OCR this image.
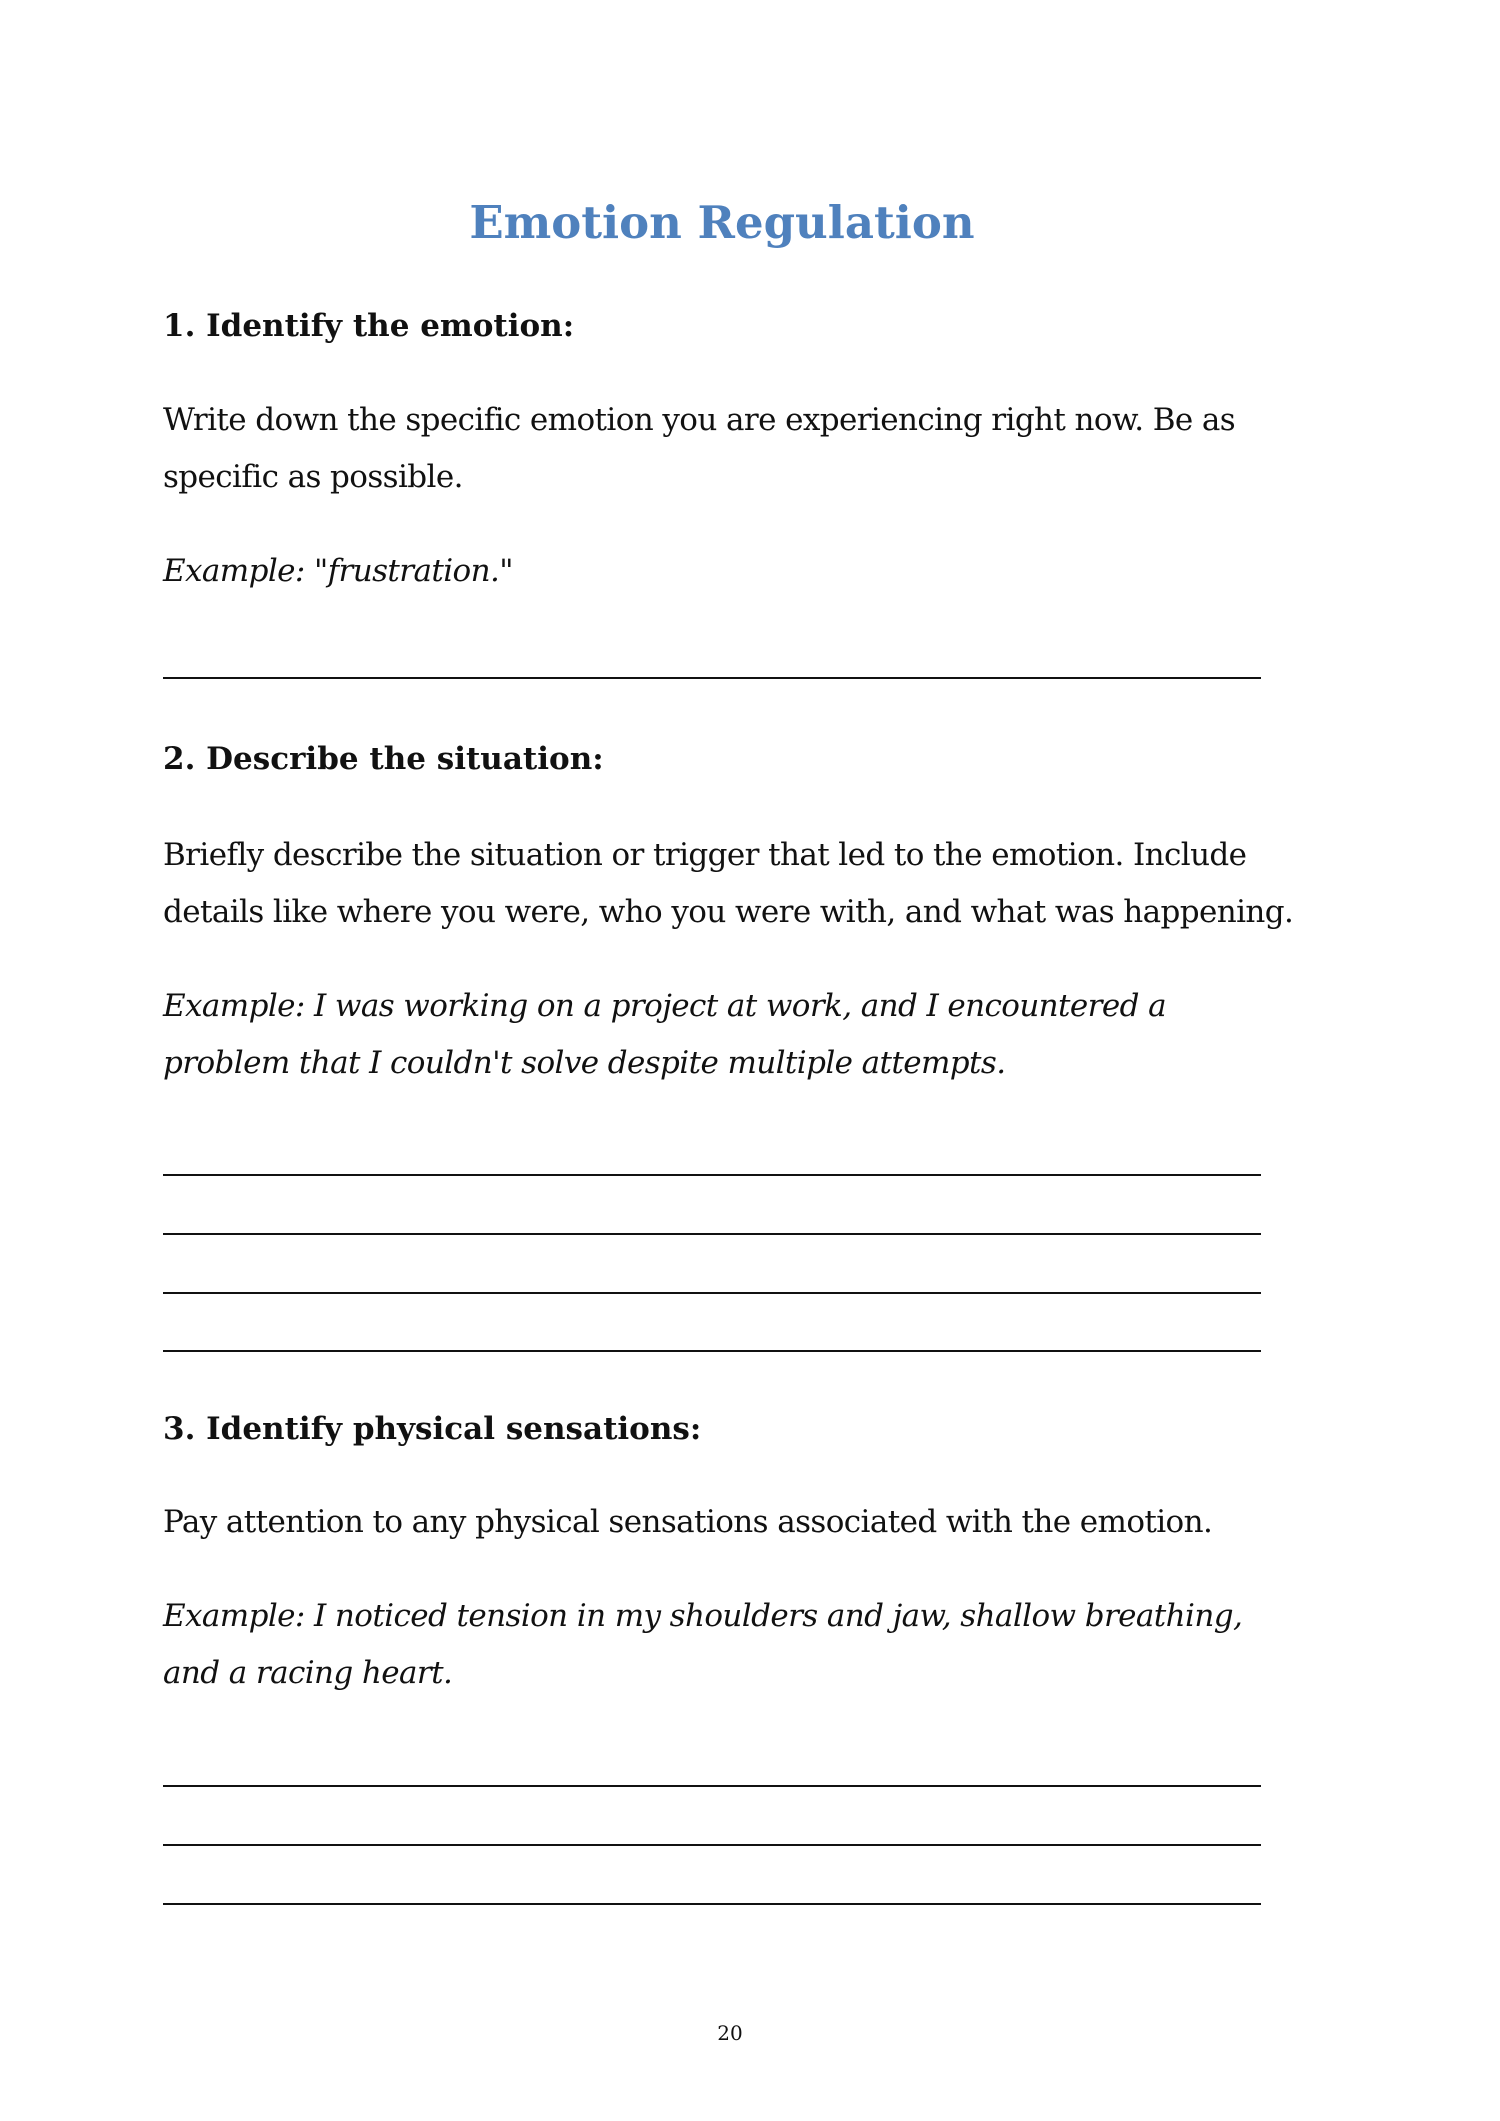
Emotion Regulation
1. Identify the emotion:
Write down the specific emotion you are experiencing right now. Be as
specific as possible.
Example: "frustration."
2. Describe the situation:
Briefly describe the situation or trigger that led to the emotion. Include
details like where you were, who you were with, and what was happening.
Example: I was working on a project at work, and I encountered a
problem that I couldn't solve despite multiple attempts.
3. Identify physical sensations:
Pay attention to any physical sensations associated with the emotion.
Example: I noticed tension in my shoulders and jaw, shallow breathing,
and a racing heart.
20
